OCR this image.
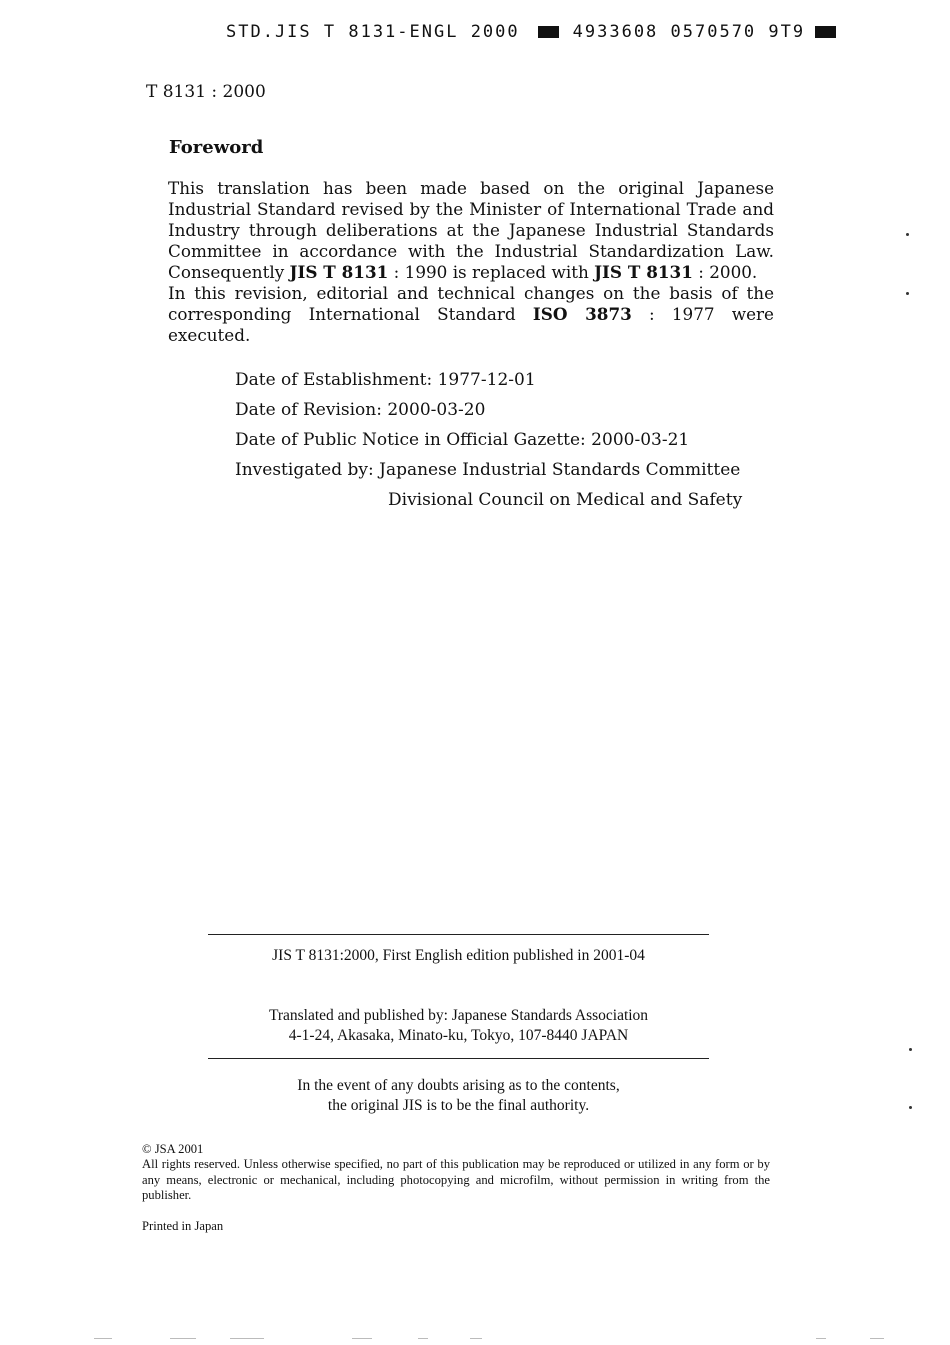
STD.JIS T 8131-ENGL 2000	4933608 0570570 9T9
T 8131 : 2000
Foreword

This translation has been made based on the original Japanese Industrial Standard revised by the Minister of International Trade and Industry through deliberations at the Japanese Industrial Standards Committee in accordance with the Industrial Standardization Law. Consequently JIS T 8131 : 1990 is replaced with JIS T 8131 : 2000.

In this revision, editorial and technical changes on the basis of the corresponding International Standard ISO 3873 : 1977 were executed.

Date of Establishment: 1977-12-01
Date of Revision: 2000-03-20
Date of Public Notice in Official Gazette: 2000-03-21
Investigated by: Japanese Industrial Standards Committee
Divisional Council on Medical and Safety
JIS T 8131:2000, First English edition published in 2001-04
Translated and published by: Japanese Standards Association
4-1-24, Akasaka, Minato-ku, Tokyo, 107-8440 JAPAN
In the event of any doubts arising as to the contents,
the original JIS is to be the final authority.
© JSA 2001
All rights reserved. Unless otherwise specified, no part of this publication may be reproduced or utilized in any form or by any means, electronic or mechanical, including photocopying and microfilm, without permission in writing from the publisher.
Printed in Japan
